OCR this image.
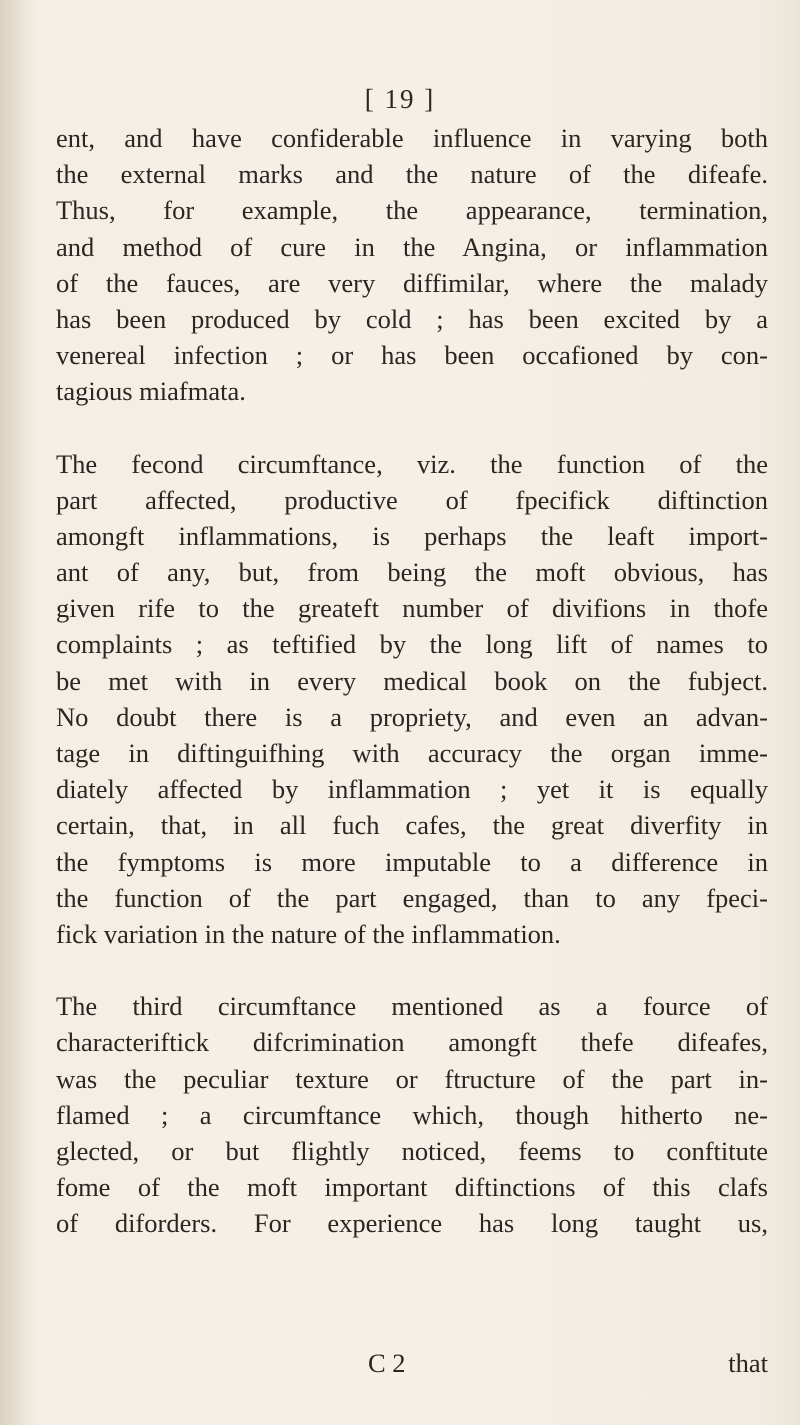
[ 19 ]
ent, and have confiderable influence in varying both
the external marks and the nature of the difeafe.
Thus, for example, the appearance, termination,
and method of cure in the Angina, or inflammation
of the fauces, are very diffimilar, where the malady
has been produced by cold ; has been excited by a
venereal infection ; or has been occafioned by con-
tagious miafmata.
The fecond circumftance, viz. the function of the
part affected, productive of fpecifick diftinction
amongft inflammations, is perhaps the leaft import-
ant of any, but, from being the moft obvious, has
given rife to the greateft number of divifions in thofe
complaints ; as teftified by the long lift of names to
be met with in every medical book on the fubject.
No doubt there is a propriety, and even an advan-
tage in diftinguifhing with accuracy the organ imme-
diately affected by inflammation ; yet it is equally
certain, that, in all fuch cafes, the great diverfity in
the fymptoms is more imputable to a difference in
the function of the part engaged, than to any fpeci-
fick variation in the nature of the inflammation.
The third circumftance mentioned as a fource of
characteriftick difcrimination amongft thefe difeafes,
was the peculiar texture or ftructure of the part in-
flamed ; a circumftance which, though hitherto ne-
glected, or but flightly noticed, feems to conftitute
fome of the moft important diftinctions of this clafs
of diforders. For experience has long taught us,
C 2	that
